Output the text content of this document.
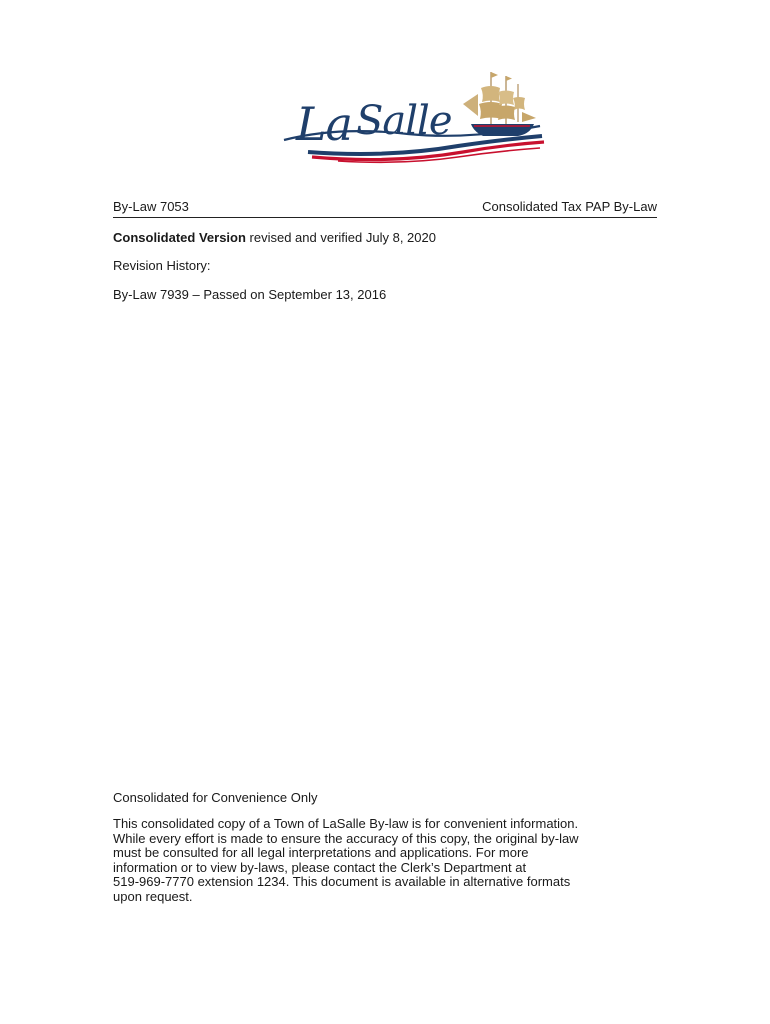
La Salle
By-Law 7053	Consolidated Tax PAP By-Law
Consolidated Version revised and verified July 8, 2020
Revision History:
By-Law 7939 – Passed on September 13, 2016
Consolidated for Convenience Only

This consolidated copy of a Town of LaSalle By-law is for convenient information.

While every effort is made to ensure the accuracy of this copy, the original by-law

must be consulted for all legal interpretations and applications. For more

information or to view by-laws, please contact the Clerk’s Department at

519-969-7770 extension 1234. This document is available in alternative formats

upon request.
